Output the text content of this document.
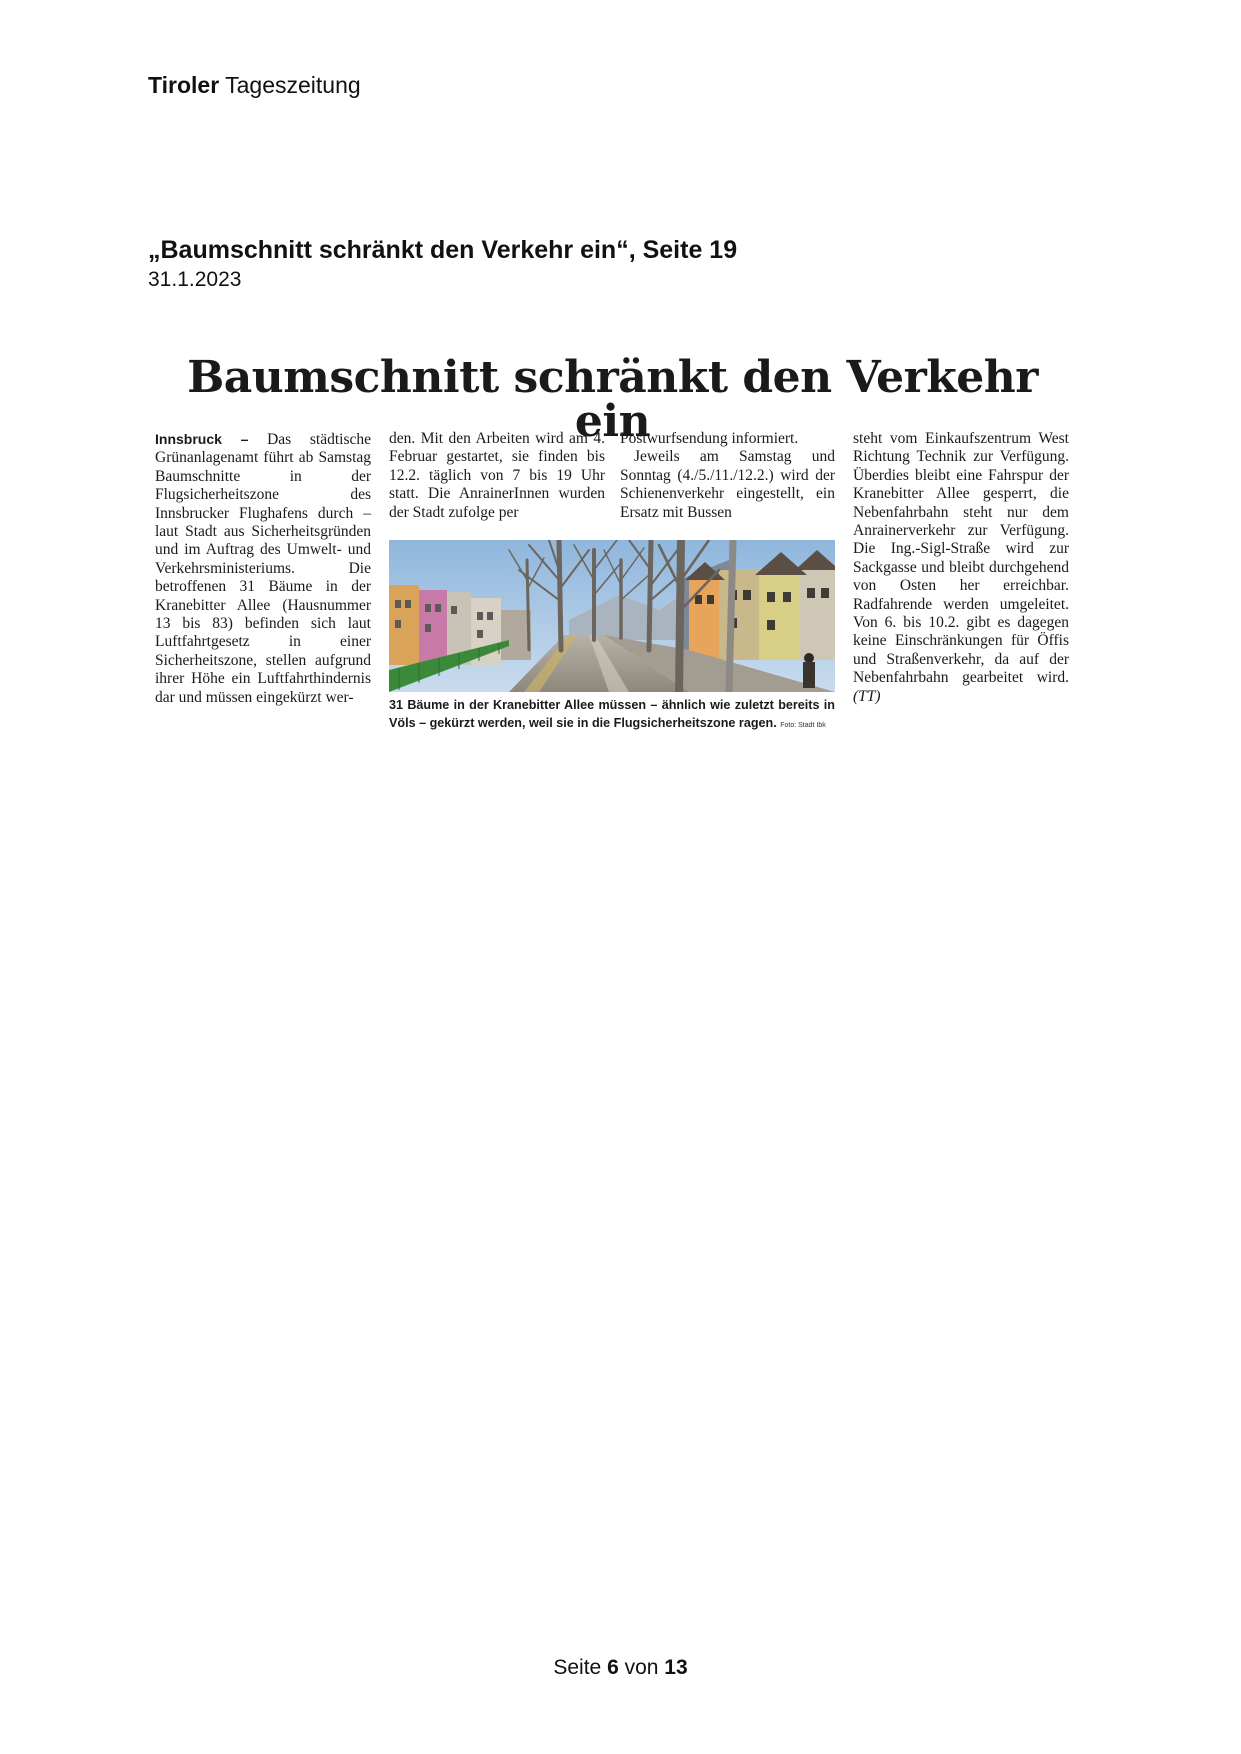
Tiroler Tageszeitung
„Baumschnitt schränkt den Verkehr ein“, Seite 19
31.1.2023
Baumschnitt schränkt den Verkehr ein

Innsbruck – Das städtische Grünanlagenamt führt ab Samstag Baumschnitte in der Flugsicherheitszone des Innsbrucker Flughafens durch – laut Stadt aus Sicherheitsgründen und im Auftrag des Umwelt- und Verkehrsministeriums. Die betroffenen 31 Bäume in der Kranebitter Allee (Hausnummer 13 bis 83) befinden sich laut Luftfahrtgesetz in einer Sicherheitszone, stellen aufgrund ihrer Höhe ein Luftfahrthindernis dar und müssen eingekürzt wer-

den. Mit den Arbeiten wird am 4. Februar gestartet, sie finden bis 12.2. täglich von 7 bis 19 Uhr statt. Die AnrainerInnen wurden der Stadt zufolge per

Postwurfsendung informiert.

Jeweils am Samstag und Sonntag (4./5./11./12.2.) wird der Schienenverkehr eingestellt, ein Ersatz mit Bussen

steht vom Einkaufszentrum West Richtung Technik zur Verfügung. Überdies bleibt eine Fahrspur der Kranebitter Allee gesperrt, die Nebenfahrbahn steht nur dem Anrainerverkehr zur Verfügung. Die Ing.-Sigl-Straße wird zur Sackgasse und bleibt durchgehend von Osten her erreichbar. Radfahrende werden umgeleitet. Von 6. bis 10.2. gibt es dagegen keine Einschränkungen für Öffis und Straßenverkehr, da auf der Nebenfahrbahn gearbeitet wird. (TT)

31 Bäume in der Kranebitter Allee müssen – ähnlich wie zuletzt bereits in Völs – gekürzt werden, weil sie in die Flugsicherheitszone ragen. Foto: Stadt Ibk
Seite 6 von 13
